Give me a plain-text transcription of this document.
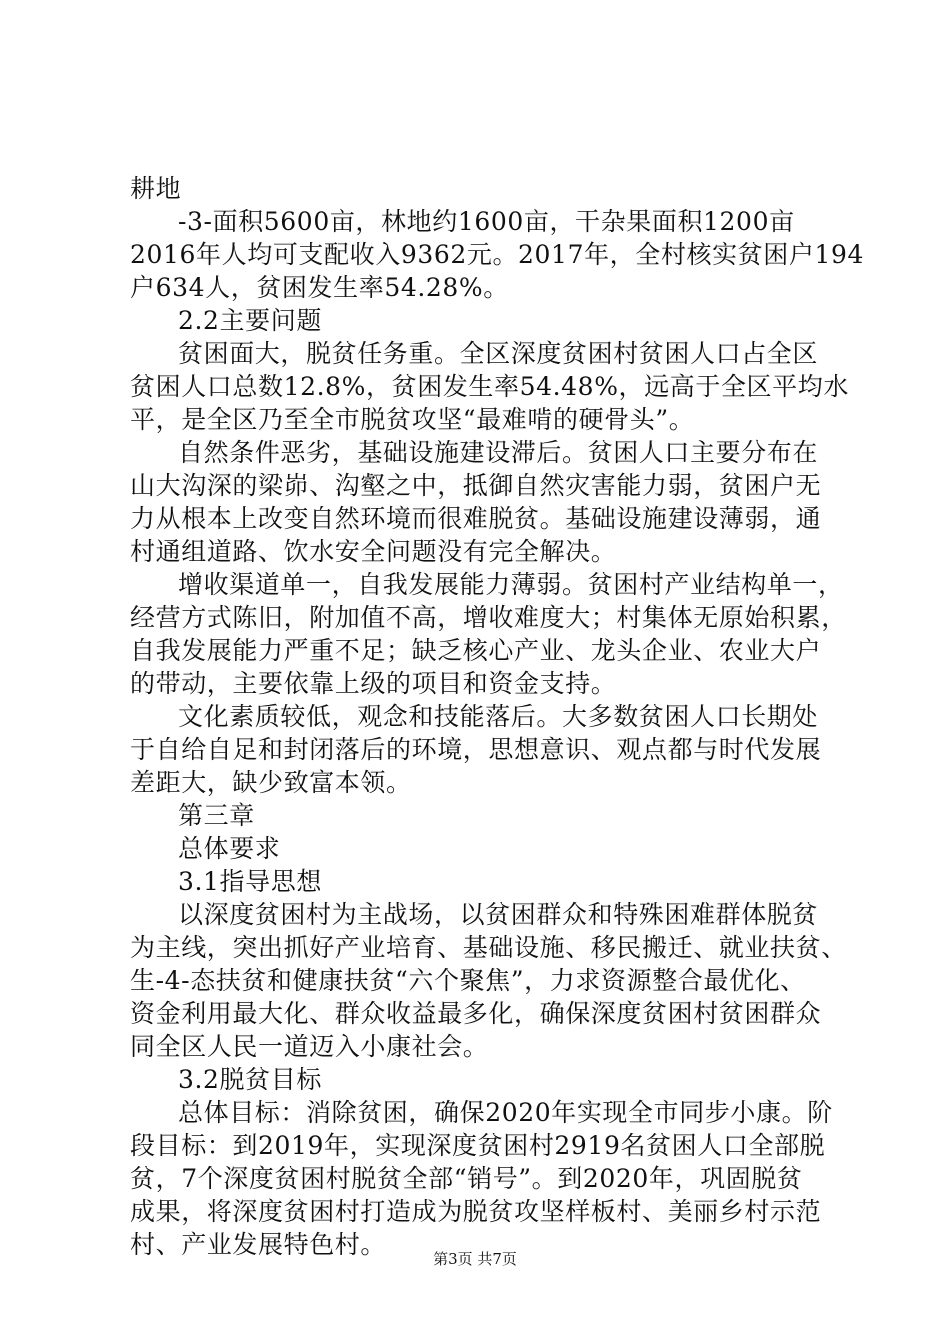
耕地
-3-面积5600亩，林地约1600亩，干杂果面积1200亩
2016年人均可支配收入9362元。2017年，全村核实贫困户194
户634人，贫困发生率54.28%。
2.2主要问题
贫困面大，脱贫任务重。全区深度贫困村贫困人口占全区
贫困人口总数12.8%，贫困发生率54.48%，远高于全区平均水
平，是全区乃至全市脱贫攻坚“最难啃的硬骨头”。
自然条件恶劣，基础设施建设滞后。贫困人口主要分布在
山大沟深的梁峁、沟壑之中，抵御自然灾害能力弱，贫困户无
力从根本上改变自然环境而很难脱贫。基础设施建设薄弱，通
村通组道路、饮水安全问题没有完全解决。
增收渠道单一，自我发展能力薄弱。贫困村产业结构单一，
经营方式陈旧，附加值不高，增收难度大；村集体无原始积累，
自我发展能力严重不足；缺乏核心产业、龙头企业、农业大户
的带动，主要依靠上级的项目和资金支持。
文化素质较低，观念和技能落后。大多数贫困人口长期处
于自给自足和封闭落后的环境，思想意识、观点都与时代发展
差距大，缺少致富本领。
第三章
总体要求
3.1指导思想
以深度贫困村为主战场，以贫困群众和特殊困难群体脱贫
为主线，突出抓好产业培育、基础设施、移民搬迁、就业扶贫、
生-4-态扶贫和健康扶贫“六个聚焦”，力求资源整合最优化、
资金利用最大化、群众收益最多化，确保深度贫困村贫困群众
同全区人民一道迈入小康社会。
3.2脱贫目标
总体目标：消除贫困，确保2020年实现全市同步小康。阶
段目标：到2019年，实现深度贫困村2919名贫困人口全部脱
贫，7个深度贫困村脱贫全部“销号”。到2020年，巩固脱贫
成果，将深度贫困村打造成为脱贫攻坚样板村、美丽乡村示范
村、产业发展特色村。	第3页 共7页
